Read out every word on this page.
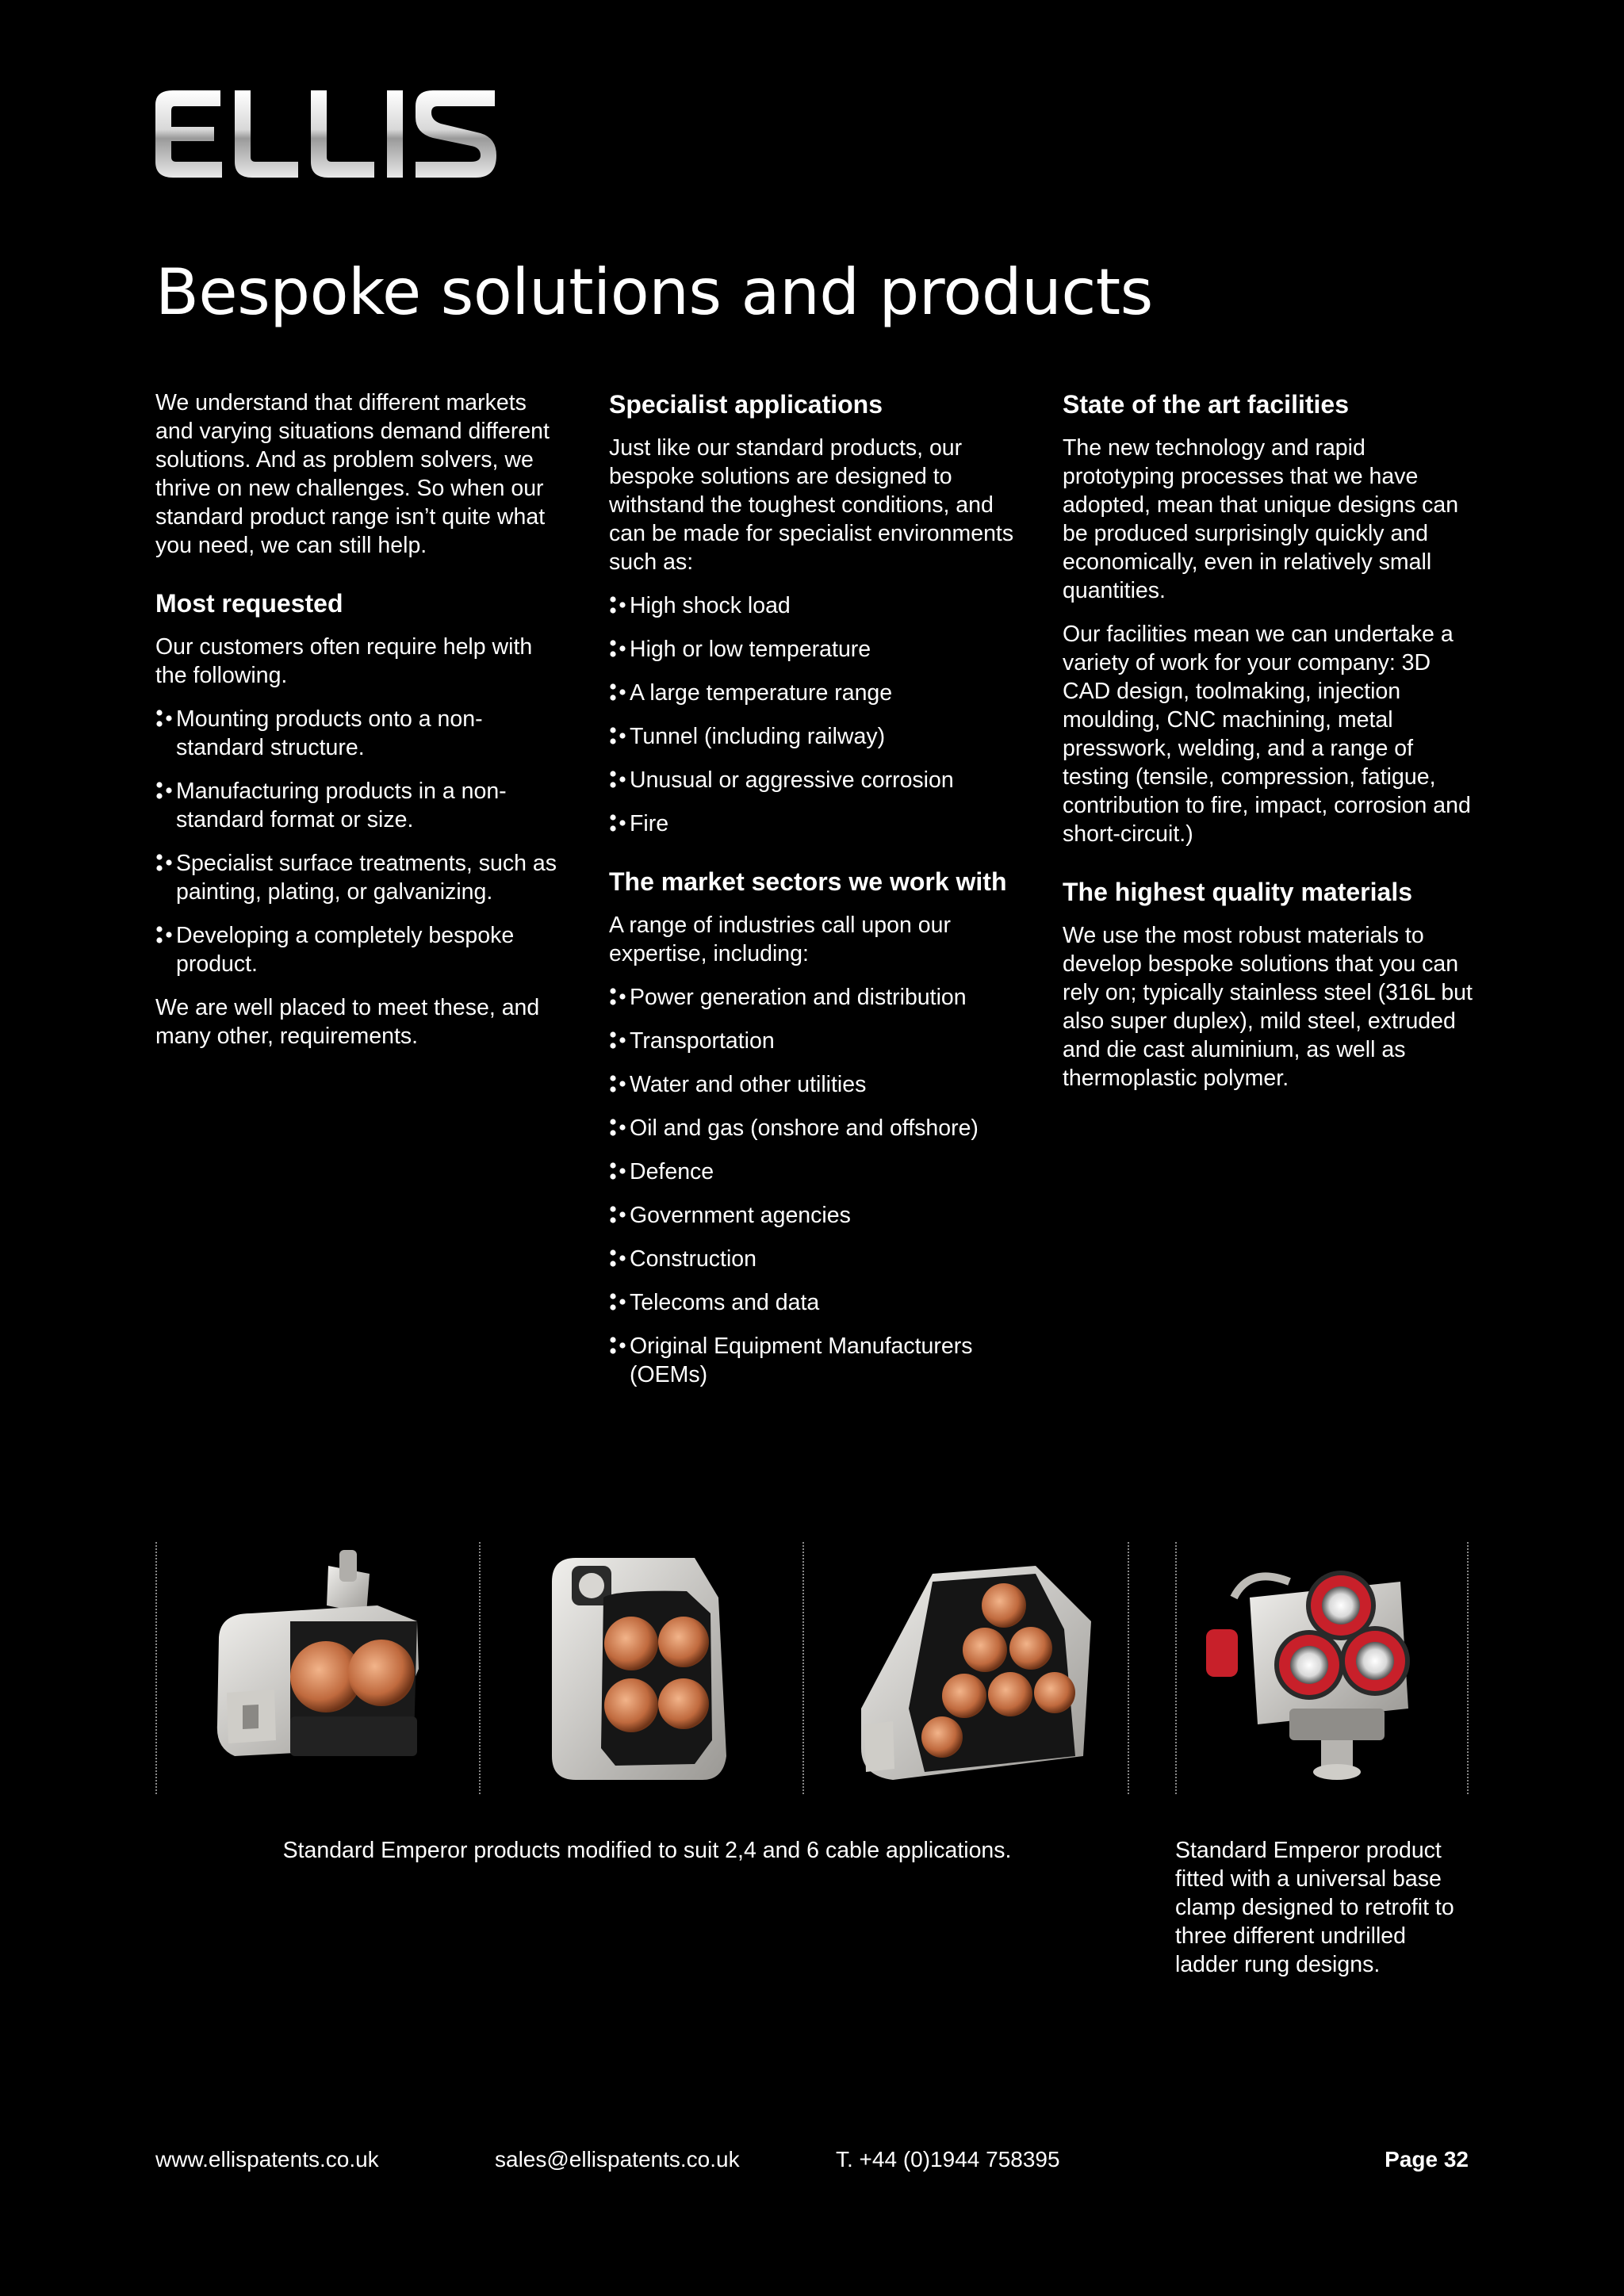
Bespoke solutions and products

We understand that different markets and varying situations demand different solutions. And as problem solvers, we thrive on new challenges. So when our standard product range isn’t quite what you need, we can still help.

Most requested

Our customers often require help with the following.

Mounting products onto a non-standard structure.
Manufacturing products in a non-standard format or size.
Specialist surface treatments, such as painting, plating, or galvanizing.
Developing a completely bespoke product.

We are well placed to meet these, and many other, requirements.

Specialist applications

Just like our standard products, our bespoke solutions are designed to withstand the toughest conditions, and can be made for specialist environments such as:

High shock load
High or low temperature
A large temperature range
Tunnel (including railway)
Unusual or aggressive corrosion
Fire
The market sectors we work with

A range of industries call upon our expertise, including:

Power generation and distribution
Transportation
Water and other utilities
Oil and gas (onshore and offshore)
Defence
Government agencies
Construction
Telecoms and data
Original Equipment Manufacturers (OEMs)
State of the art facilities

The new technology and rapid prototyping processes that we have adopted, mean that unique designs can be produced surprisingly quickly and economically, even in relatively small quantities.

Our facilities mean we can undertake a variety of work for your company: 3D CAD design, toolmaking, injection moulding, CNC machining, metal presswork, welding, and a range of testing (tensile, compression, fatigue, contribution to fire, impact, corrosion and short-circuit.)

The highest quality materials

We use the most robust materials to develop bespoke solutions that you can rely on; typically stainless steel (316L but also super duplex), mild steel, extruded and die cast aluminium, as well as thermoplastic polymer.

Standard Emperor products modified to suit 2,4 and 6 cable applications.	Standard Emperor product fitted with a universal base clamp designed to retrofit to three different undrilled ladder rung designs.

www.ellispatents.co.uk	sales@ellispatents.co.uk	T. +44 (0)1944 758395	Page 32
